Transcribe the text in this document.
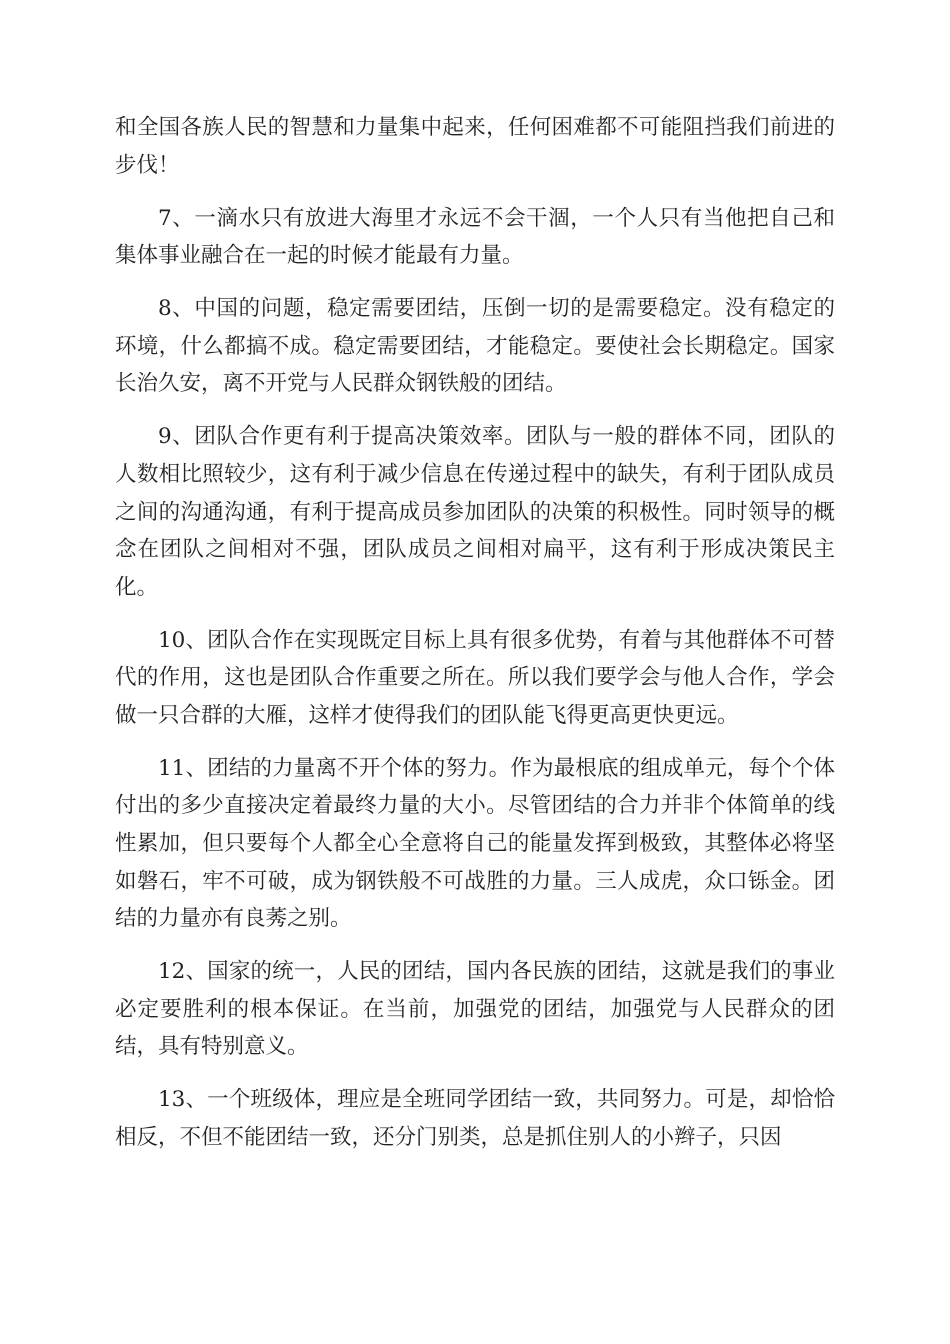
和全国各族人民的智慧和力量集中起来，任何困难都不可能阻挡我们前进的步伐！

7、一滴水只有放进大海里才永远不会干涸，一个人只有当他把自己和集体事业融合在一起的时候才能最有力量。

8、中国的问题，稳定需要团结，压倒一切的是需要稳定。没有稳定的环境，什么都搞不成。稳定需要团结，才能稳定。要使社会长期稳定。国家长治久安，离不开党与人民群众钢铁般的团结。

9、团队合作更有利于提高决策效率。团队与一般的群体不同，团队的人数相比照较少，这有利于减少信息在传递过程中的缺失，有利于团队成员之间的沟通沟通，有利于提高成员参加团队的决策的积极性。同时领导的概念在团队之间相对不强，团队成员之间相对扁平，这有利于形成决策民主化。

10、团队合作在实现既定目标上具有很多优势，有着与其他群体不可替代的作用，这也是团队合作重要之所在。所以我们要学会与他人合作，学会做一只合群的大雁，这样才使得我们的团队能飞得更高更快更远。

11、团结的力量离不开个体的努力。作为最根底的组成单元，每个个体付出的多少直接决定着最终力量的大小。尽管团结的合力并非个体简单的线性累加，但只要每个人都全心全意将自己的能量发挥到极致，其整体必将坚如磐石，牢不可破，成为钢铁般不可战胜的力量。三人成虎，众口铄金。团结的力量亦有良莠之别。

12、国家的统一，人民的团结，国内各民族的团结，这就是我们的事业必定要胜利的根本保证。在当前，加强党的团结，加强党与人民群众的团结，具有特别意义。

13、一个班级体，理应是全班同学团结一致，共同努力。可是，却恰恰相反，不但不能团结一致，还分门别类，总是抓住别人的小辫子，只因
